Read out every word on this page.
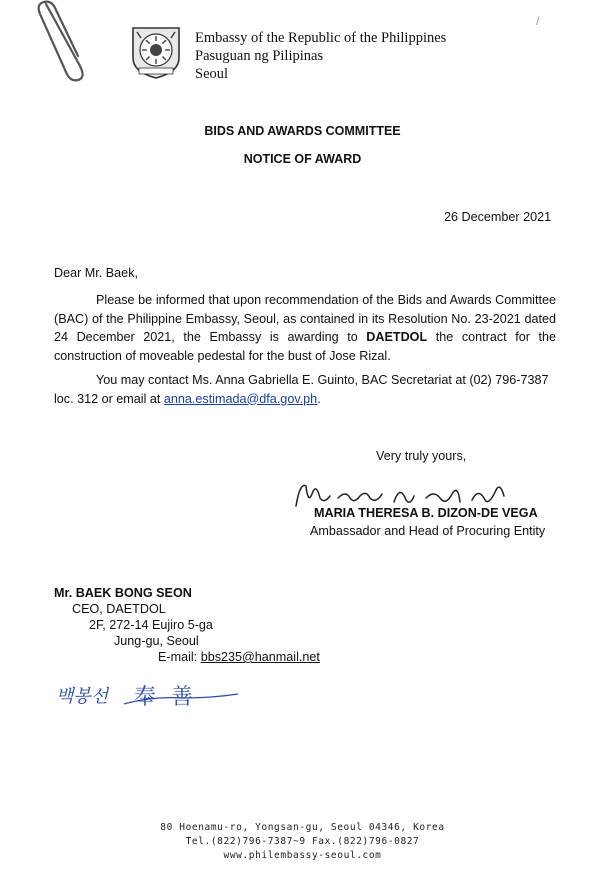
Embassy of the Republic of the Philippines
Pasuguan ng Pilipinas
Seoul
/
BIDS AND AWARDS COMMITTEE
NOTICE OF AWARD
26 December 2021
Dear Mr. Baek,
Please be informed that upon recommendation of the Bids and Awards Committee (BAC) of the Philippine Embassy, Seoul, as contained in its Resolution No. 23-2021 dated 24 December 2021, the Embassy is awarding to DAETDOL the contract for the construction of moveable pedestal for the bust of Jose Rizal.
You may contact Ms. Anna Gabriella E. Guinto, BAC Secretariat at (02) 796-7387 loc. 312 or email at anna.estimada@dfa.gov.ph.
Very truly yours,
MARIA THERESA B. DIZON-DE VEGA
Ambassador and Head of Procuring Entity
Mr. BAEK BONG SEON
CEO, DAETDOL
2F, 272-14 Eujiro 5-ga
Jung-gu, Seoul
E-mail: bbs235@hanmail.net
백봉선 奉 善
80 Hoenamu-ro, Yongsan-gu, Seoul 04346, Korea
Tel.(822)796-7387~9 Fax.(822)796-0827
www.philembassy-seoul.com
